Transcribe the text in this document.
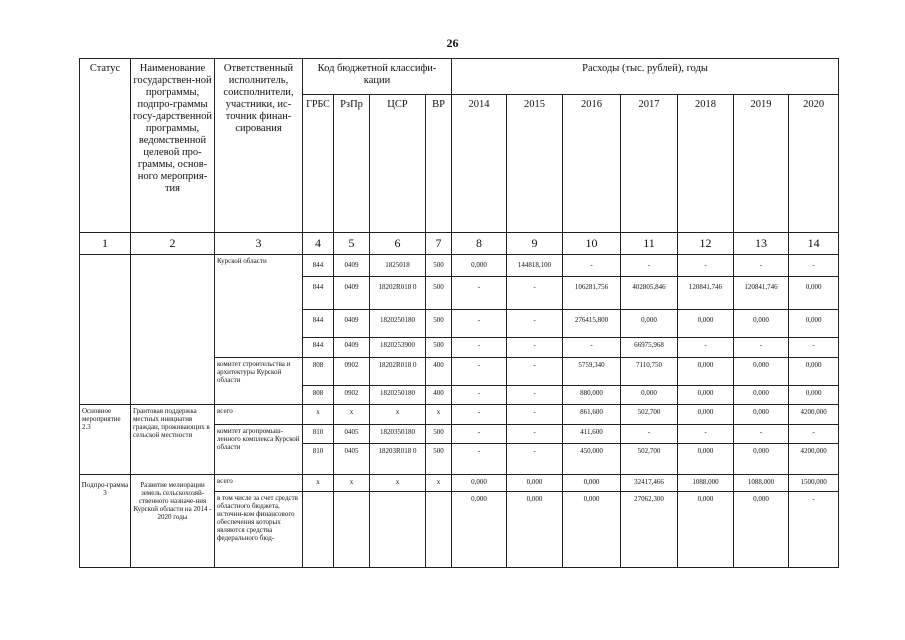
26
Статус	Наименование государствен-ной программы, подпро-граммы госу-дарственной программы, ведомственной целевой про-граммы, основ-ного мероприя-тия	Ответственный исполнитель, соисполнители, участники, ис-точник финан-сирования	Код бюджетной классифи-кации				Расходы (тыс. рублей), годы						
			ГРБС	РзПр	ЦСР	ВР	2014	2015	2016	2017	2018	2019	2020
1	2	3	4	5	6	7	8	9	10	11	12	13	14
		Курской области	844	0409	1825018	500	0,000	144818,100	-	-	-	-	-
			844	0409	18202R018 0	500	-	-	106281,756	402805,846	120841,746	120841,746	0,000
			844	0409	1820250180	500	-	-	276415,800	0,000	0,000	0,000	0,000
			844	0409	1820253900	500	-	-	-	66975,968	-	-	-
		комитет строительства и архитектуры Курской области	808	0902	18202R018 0	400	-	-	5759,340	7110,750	0,000	0,000	0,000
			808	0902	1820250180	400	-	-	880,000	0,000	0,000	0,000	0,000
Основное мероприятие 2.3	Грантовая поддержка местных инициатив граждан, проживающих в сельской местности	всего	x	x	x	x	-	-	861,600	502,700	0,000	0,000	4200,000
		комитет агропромыш-ленного комплекса Курской области	810	0405	1820350180	500	-	-	411,600	-	-	-	-
			810	0405	18203R018 0	500	-	-	450,000	502,700	0,000	0,000	4200,000
Подпро-грамма 3	Развитие мелиорации земель сельскохозяй-ственного назначе-ния Курской области на 2014 - 2020 годы	всего	x	x	x	x	0,000	0,000	0,000	32417,466	1088,000	1088,000	1500,000
		в том числе за счет средств областного бюджета, источни-ком финансового обеспечения которых являются средства федерального бюд-					0,000	0,000	0,000	27062,300	0,000	0,000	-
